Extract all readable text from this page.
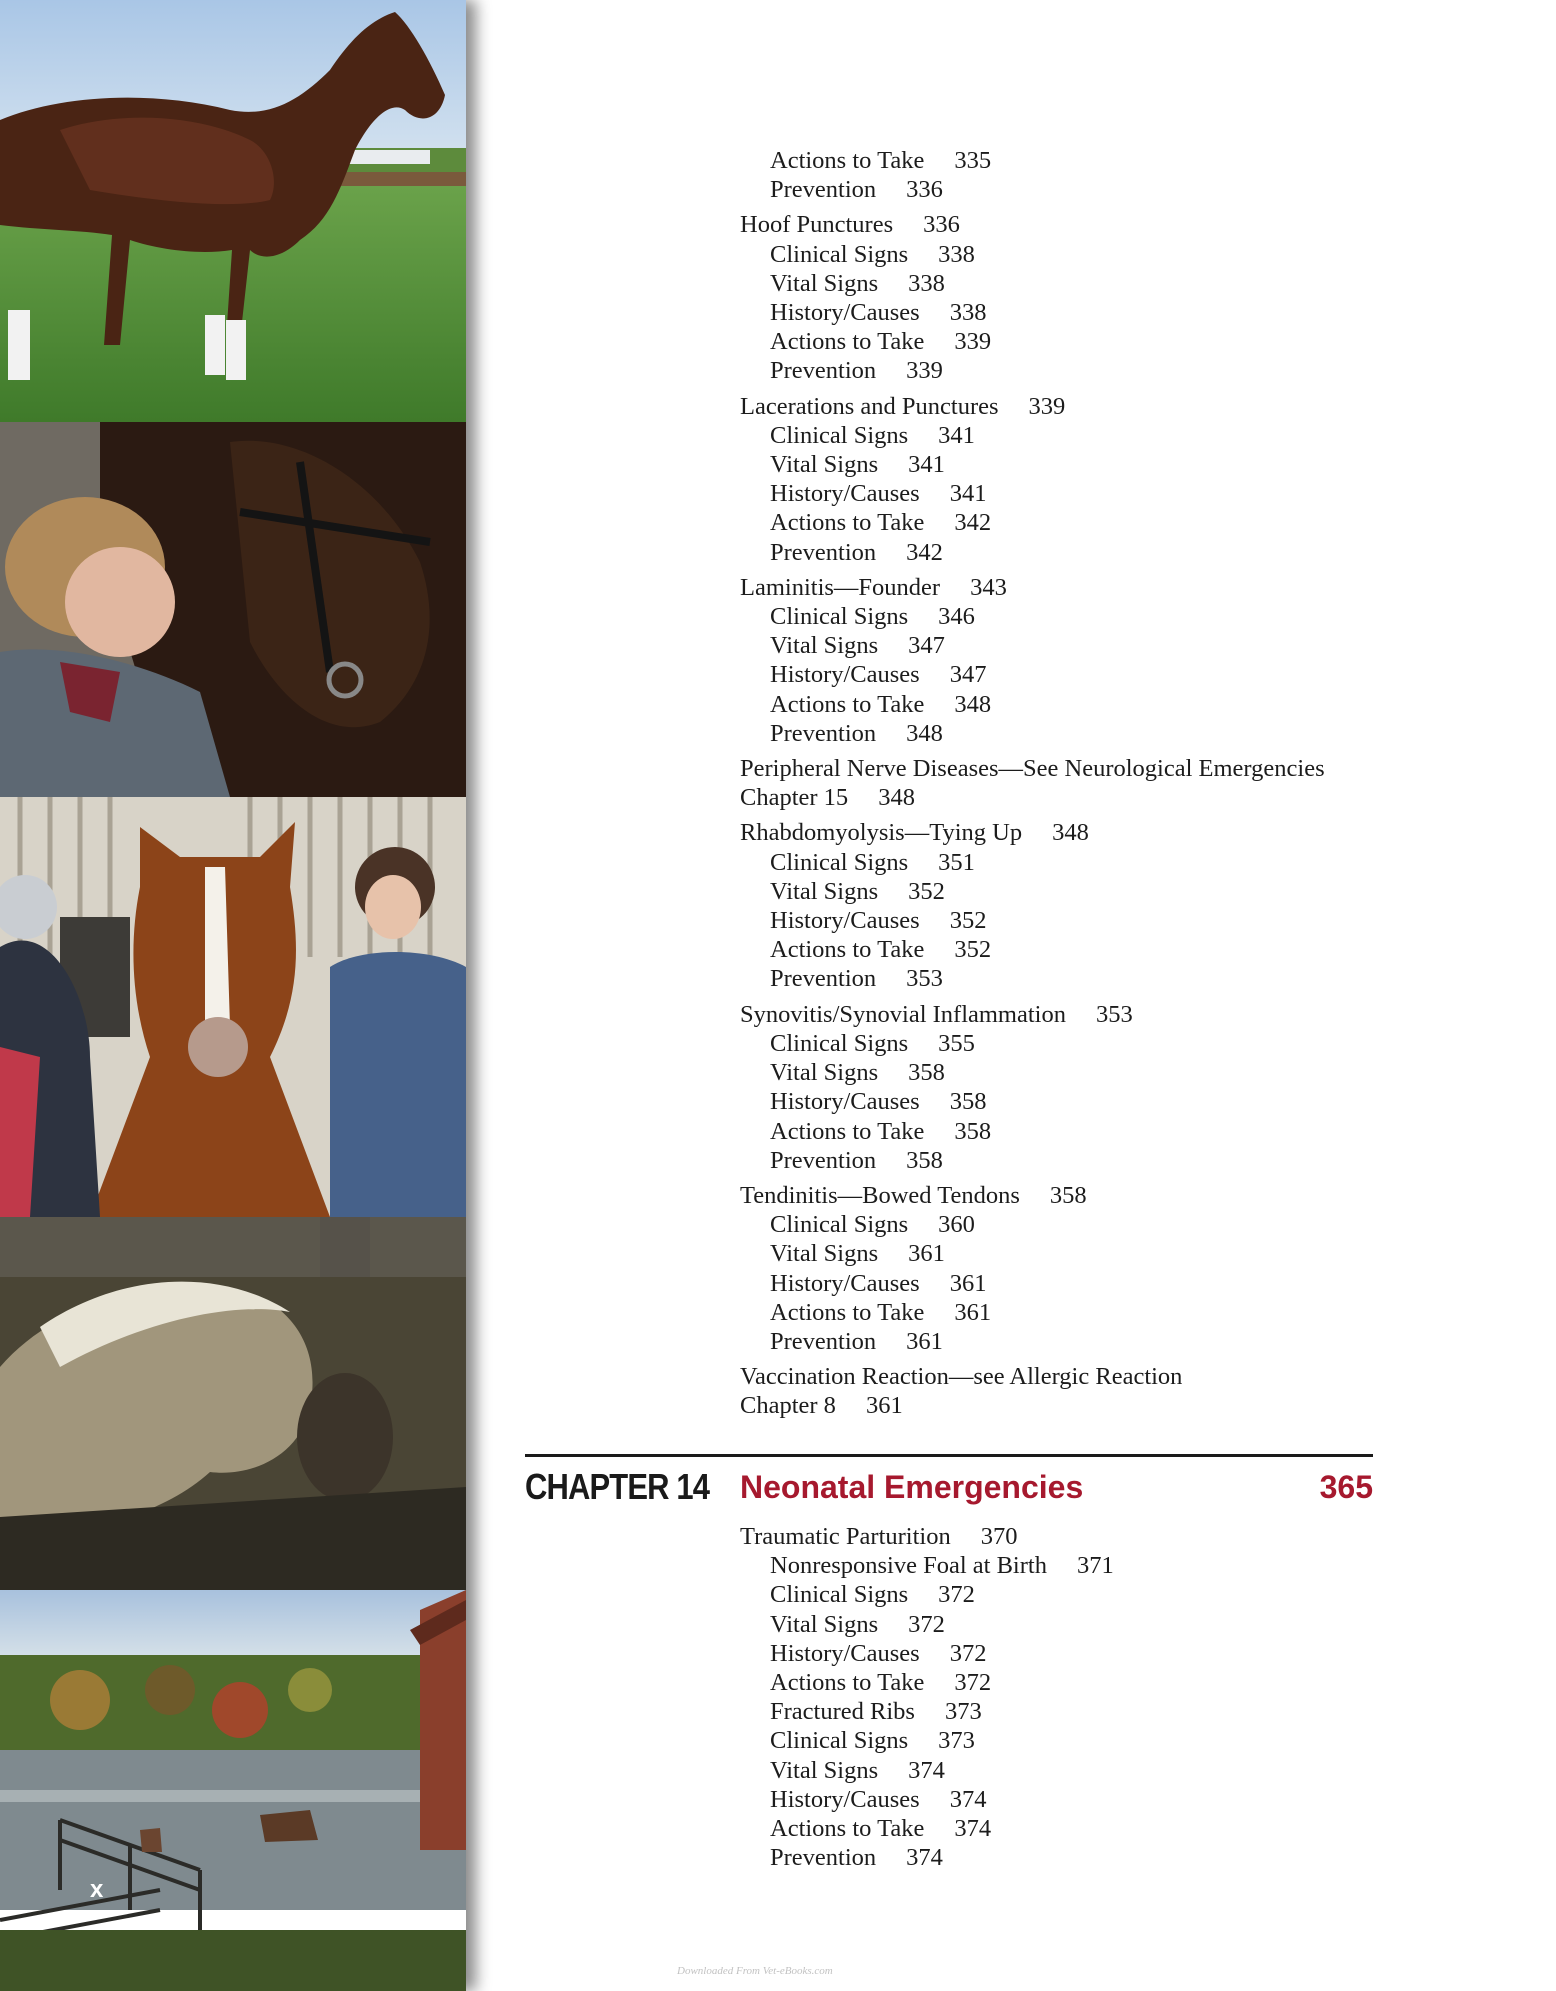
x
Actions to Take 335
Prevention 336
Hoof Punctures 336
Clinical Signs 338
Vital Signs 338
History/Causes 338
Actions to Take 339
Prevention 339
Lacerations and Punctures 339
Clinical Signs 341
Vital Signs 341
History/Causes 341
Actions to Take 342
Prevention 342
Laminitis—Founder 343
Clinical Signs 346
Vital Signs 347
History/Causes 347
Actions to Take 348
Prevention 348
Peripheral Nerve Diseases—See Neurological Emergencies
Chapter 15 348
Rhabdomyolysis—Tying Up 348
Clinical Signs 351
Vital Signs 352
History/Causes 352
Actions to Take 352
Prevention 353
Synovitis/Synovial Inflammation 353
Clinical Signs 355
Vital Signs 358
History/Causes 358
Actions to Take 358
Prevention 358
Tendinitis—Bowed Tendons 358
Clinical Signs 360
Vital Signs 361
History/Causes 361
Actions to Take 361
Prevention 361
Vaccination Reaction—see Allergic Reaction
Chapter 8 361
CHAPTER 14 Neonatal Emergencies	365
Traumatic Parturition 370
Nonresponsive Foal at Birth 371
Clinical Signs 372
Vital Signs 372
History/Causes 372
Actions to Take 372
Fractured Ribs 373
Clinical Signs 373
Vital Signs 374
History/Causes 374
Actions to Take 374
Prevention 374
Downloaded From Vet-eBooks.com
